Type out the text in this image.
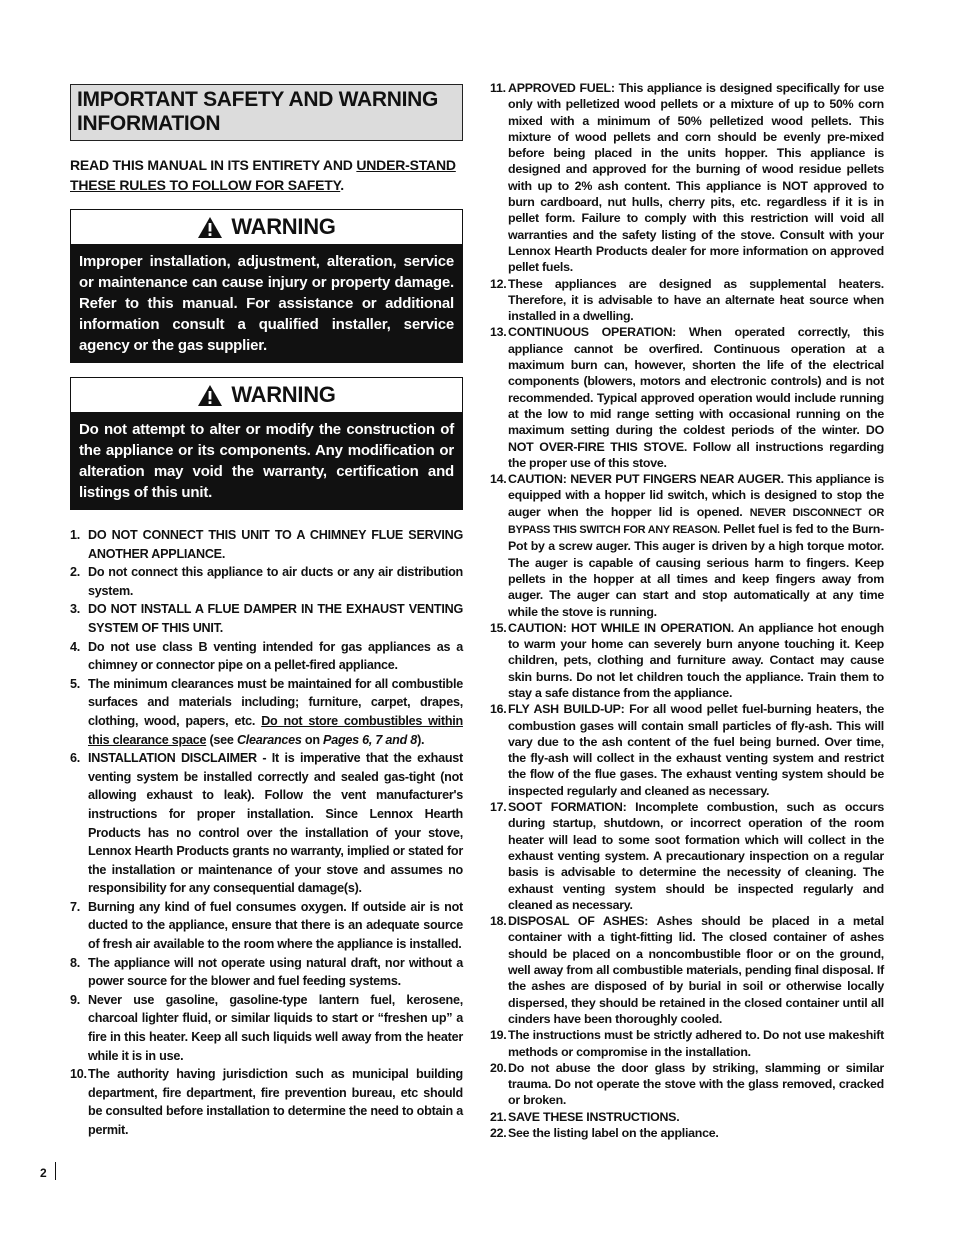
2
IMPORTANT SAFETY AND WARNING INFORMATION
READ THIS MANUAL IN ITS ENTIRETY AND UNDER-STAND THESE RULES TO FOLLOW FOR SAFETY.
WARNING
Improper installation, adjustment, alteration, service or maintenance can cause injury or property damage. Refer to this manual. For assistance or additional information consult a qualified installer, service agency or the gas supplier.
WARNING
Do not attempt to alter or modify the construction of the appliance or its components. Any modification or alteration may void the warranty, certification and listings of this unit.
1. DO NOT CONNECT THIS UNIT TO A CHIMNEY FLUE SERVING ANOTHER APPLIANCE.
2. Do not connect this appliance to air ducts or any air distribution system.
3. DO NOT INSTALL A FLUE DAMPER IN THE EXHAUST VENTING SYSTEM OF THIS UNIT.
4. Do not use class B venting intended for gas appliances as a chimney or connector pipe on a pellet-fired appliance.
5. The minimum clearances must be maintained for all combustible surfaces and materials including; furniture, carpet, drapes, clothing, wood, papers, etc. Do not store combustibles within this clearance space (see Clearances on Pages 6, 7 and 8).
6. INSTALLATION DISCLAIMER - It is imperative that the exhaust venting system be installed correctly and sealed gas-tight (not allowing exhaust to leak). Follow the vent manufacturer's instructions for proper installation. Since Lennox Hearth Products has no control over the installation of your stove, Lennox Hearth Products grants no warranty, implied or stated for the installation or maintenance of your stove and assumes no responsibility for any consequential damage(s).
7. Burning any kind of fuel consumes oxygen. If outside air is not ducted to the appliance, ensure that there is an adequate source of fresh air available to the room where the appliance is installed.
8. The appliance will not operate using natural draft, nor without a power source for the blower and fuel feeding systems.
9. Never use gasoline, gasoline-type lantern fuel, kerosene, charcoal lighter fluid, or similar liquids to start or “freshen up” a fire in this heater. Keep all such liquids well away from the heater while it is in use.
10. The authority having jurisdiction such as municipal building department, fire department, fire prevention bureau, etc should be consulted before installation to determine the need to obtain a permit.
11. APPROVED FUEL: This appliance is designed specifically for use only with pelletized wood pellets or a mixture of up to 50% corn mixed with a minimum of 50% pelletized wood pellets. This mixture of wood pellets and corn should be evenly pre-mixed before being placed in the units hopper. This appliance is designed and approved for the burning of wood residue pellets with up to 2% ash content. This appliance is NOT approved to burn cardboard, nut hulls, cherry pits, etc. regardless if it is in pellet form. Failure to comply with this restriction will void all warranties and the safety listing of the stove. Consult with your Lennox Hearth Products dealer for more information on approved pellet fuels.
12. These appliances are designed as supplemental heaters. Therefore, it is advisable to have an alternate heat source when installed in a dwelling.
13. CONTINUOUS OPERATION: When operated correctly, this appliance cannot be overfired. Continuous operation at a maximum burn can, however, shorten the life of the electrical components (blowers, motors and electronic controls) and is not recommended. Typical approved operation would include running at the low to mid range setting with occasional running on the maximum setting during the coldest periods of the winter. DO NOT OVER-FIRE THIS STOVE. Follow all instructions regarding the proper use of this stove.
14. CAUTION: NEVER PUT FINGERS NEAR AUGER. This appliance is equipped with a hopper lid switch, which is designed to stop the auger when the hopper lid is opened. NEVER DISCONNECT OR BYPASS THIS SWITCH FOR ANY REASON. Pellet fuel is fed to the Burn-Pot by a screw auger. This auger is driven by a high torque motor. The auger is capable of causing serious harm to fingers. Keep pellets in the hopper at all times and keep fingers away from auger. The auger can start and stop automatically at any time while the stove is running.
15. CAUTION: HOT WHILE IN OPERATION. An appliance hot enough to warm your home can severely burn anyone touching it. Keep children, pets, clothing and furniture away. Contact may cause skin burns. Do not let children touch the appliance. Train them to stay a safe distance from the appliance.
16. FLY ASH BUILD-UP: For all wood pellet fuel-burning heaters, the combustion gases will contain small particles of fly-ash. This will vary due to the ash content of the fuel being burned. Over time, the fly-ash will collect in the exhaust venting system and restrict the flow of the flue gases. The exhaust venting system should be inspected regularly and cleaned as necessary.
17. SOOT FORMATION: Incomplete combustion, such as occurs during startup, shutdown, or incorrect operation of the room heater will lead to some soot formation which will collect in the exhaust venting system. A precautionary inspection on a regular basis is advisable to determine the necessity of cleaning. The exhaust venting system should be inspected regularly and cleaned as necessary.
18. DISPOSAL OF ASHES: Ashes should be placed in a metal container with a tight-fitting lid. The closed container of ashes should be placed on a noncombustible floor or on the ground, well away from all combustible materials, pending final disposal. If the ashes are disposed of by burial in soil or otherwise locally dispersed, they should be retained in the closed container until all cinders have been thoroughly cooled.
19. The instructions must be strictly adhered to. Do not use makeshift methods or compromise in the installation.
20. Do not abuse the door glass by striking, slamming or similar trauma. Do not operate the stove with the glass removed, cracked or broken.
21. SAVE THESE INSTRUCTIONS.
22. See the listing label on the appliance.
